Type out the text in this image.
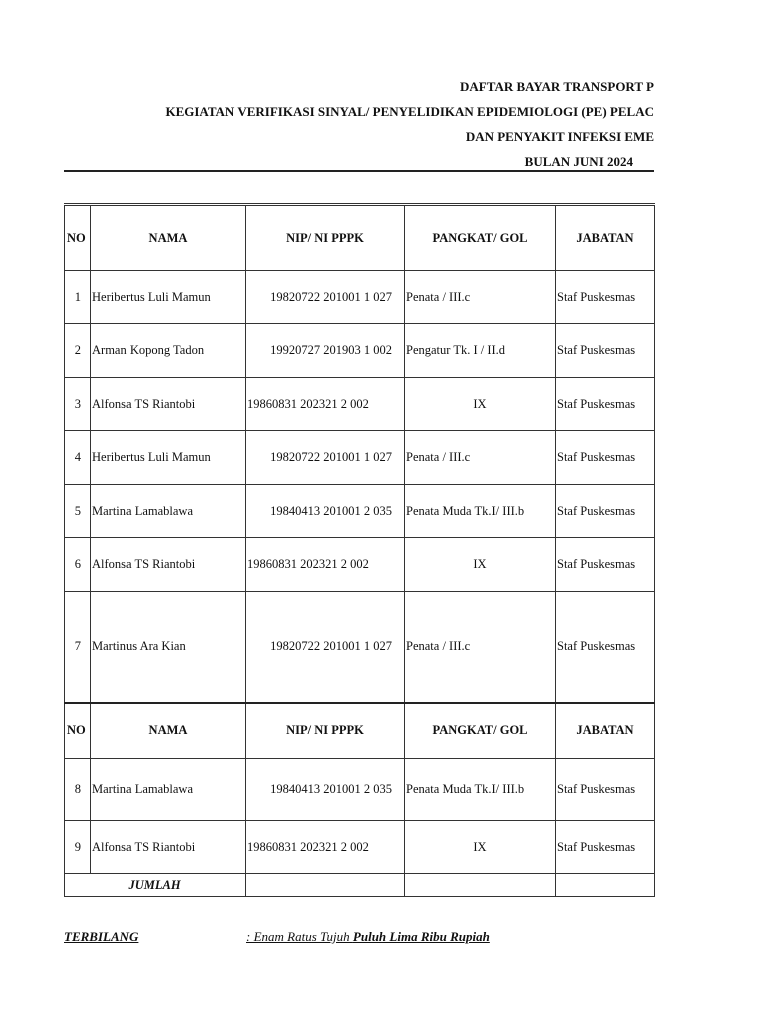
DAFTAR BAYAR TRANSPORT P
KEGIATAN VERIFIKASI SINYAL/ PENYELIDIKAN EPIDEMIOLOGI (PE) PELAC
DAN PENYAKIT INFEKSI EME
BULAN JUNI 2024
NO	NAMA	NIP/ NI PPPK	PANGKAT/ GOL	JABATAN
1	Heribertus Luli Mamun	19820722 201001 1 027	Penata / III.c	Staf Puskesmas
2	Arman Kopong Tadon	19920727 201903 1 002	Pengatur Tk. I / II.d	Staf Puskesmas
3	Alfonsa TS Riantobi	19860831 202321 2 002	IX	Staf Puskesmas
4	Heribertus Luli Mamun	19820722 201001 1 027	Penata / III.c	Staf Puskesmas
5	Martina Lamablawa	19840413 201001 2 035	Penata Muda Tk.I/ III.b	Staf Puskesmas
6	Alfonsa TS Riantobi	19860831 202321 2 002	IX	Staf Puskesmas
7	Martinus Ara Kian	19820722 201001 1 027	Penata / III.c	Staf Puskesmas
NO	NAMA	NIP/ NI PPPK	PANGKAT/ GOL	JABATAN
8	Martina Lamablawa	19840413 201001 2 035	Penata Muda Tk.I/ III.b	Staf Puskesmas
9	Alfonsa TS Riantobi	19860831 202321 2 002	IX	Staf Puskesmas
JUMLAH				
TERBILANG	: Enam Ratus Tujuh Puluh Lima Ribu Rupiah
